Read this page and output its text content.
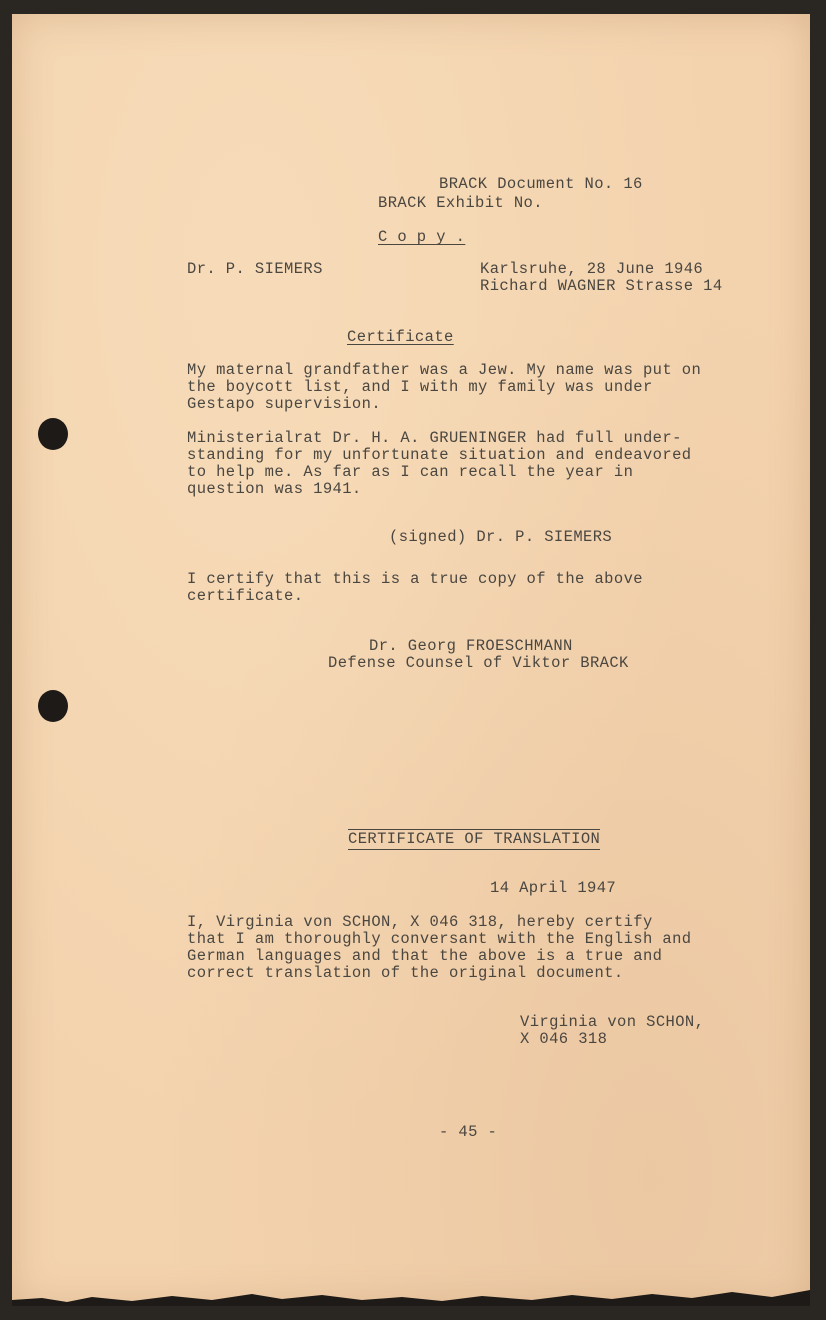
BRACK Document No. 16

BRACK Exhibit No.

C o p y .

Dr. P. SIEMERS	Karlsruhe, 28 June 1946

Richard WAGNER Strasse 14

Certificate

My maternal grandfather was a Jew. My name was put on
the boycott list, and I with my family was under
Gestapo supervision.

Ministerialrat Dr. H. A. GRUENINGER had full under-
standing for my unfortunate situation and endeavored
to help me. As far as I can recall the year in
question was 1941.

(signed) Dr. P. SIEMERS

I certify that this is a true copy of the above
certificate.

Dr. Georg FROESCHMANN

Defense Counsel of Viktor BRACK

CERTIFICATE OF TRANSLATION

14 April 1947

I, Virginia von SCHON, X 046 318, hereby certify
that I am thoroughly conversant with the English and
German languages and that the above is a true and
correct translation of the original document.

Virginia von SCHON,

X 046 318

- 45 -
